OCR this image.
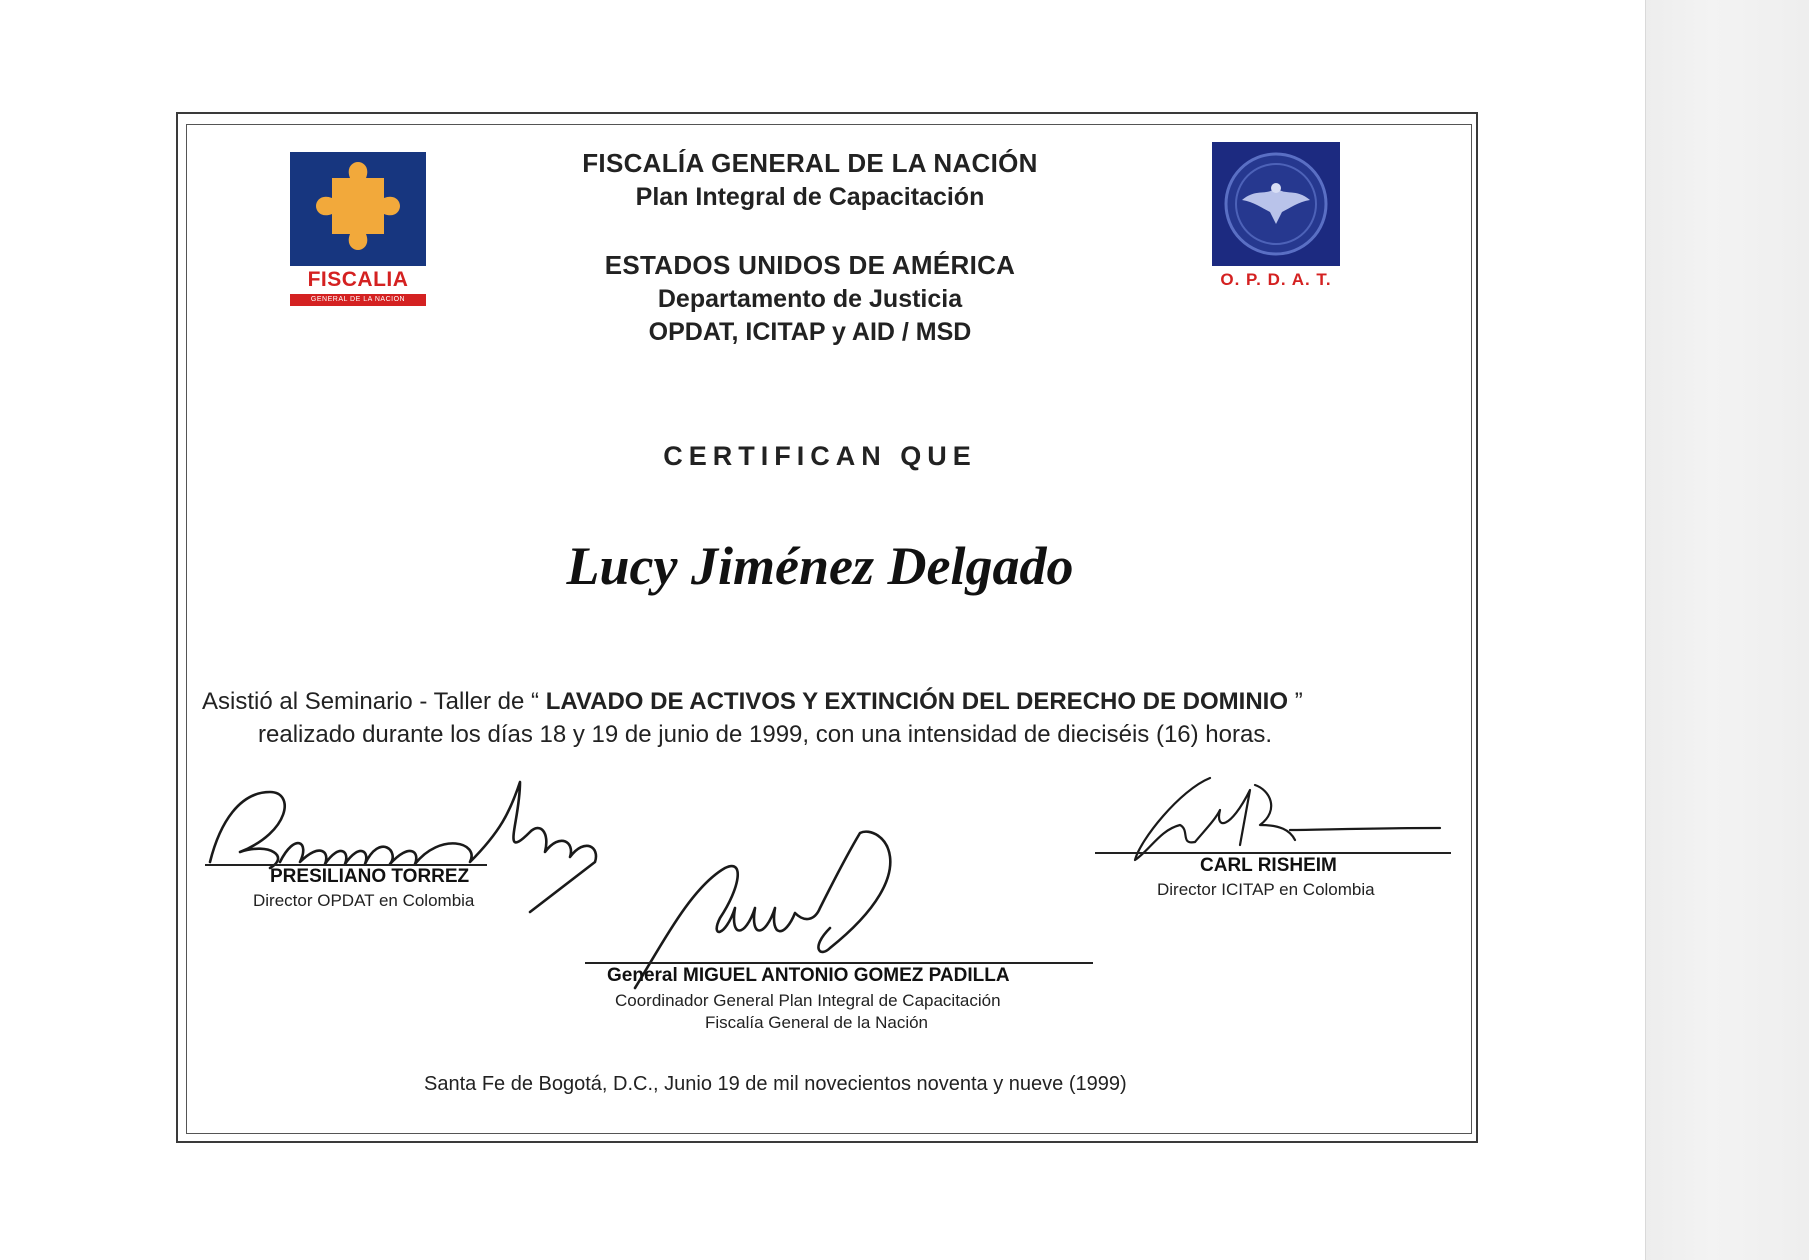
FISCALIA
GENERAL DE LA NACION
O. P. D. A. T.
FISCALÍA GENERAL DE LA NACIÓN
Plan Integral de Capacitación
ESTADOS UNIDOS DE AMÉRICA
Departamento de Justicia
OPDAT, ICITAP y AID / MSD
CERTIFICAN QUE
Lucy Jiménez Delgado
Asistió al Seminario - Taller de “ LAVADO DE ACTIVOS Y EXTINCIÓN DEL DERECHO DE DOMINIO ”
realizado durante los días 18 y 19 de junio de 1999, con una intensidad de dieciséis (16) horas.
PRESILIANO TORREZ
Director OPDAT en Colombia
CARL RISHEIM
Director ICITAP en Colombia
General MIGUEL ANTONIO GOMEZ PADILLA
Coordinador General Plan Integral de Capacitación
Fiscalía General de la Nación
Santa Fe de Bogotá, D.C., Junio 19 de mil novecientos noventa y nueve (1999)
